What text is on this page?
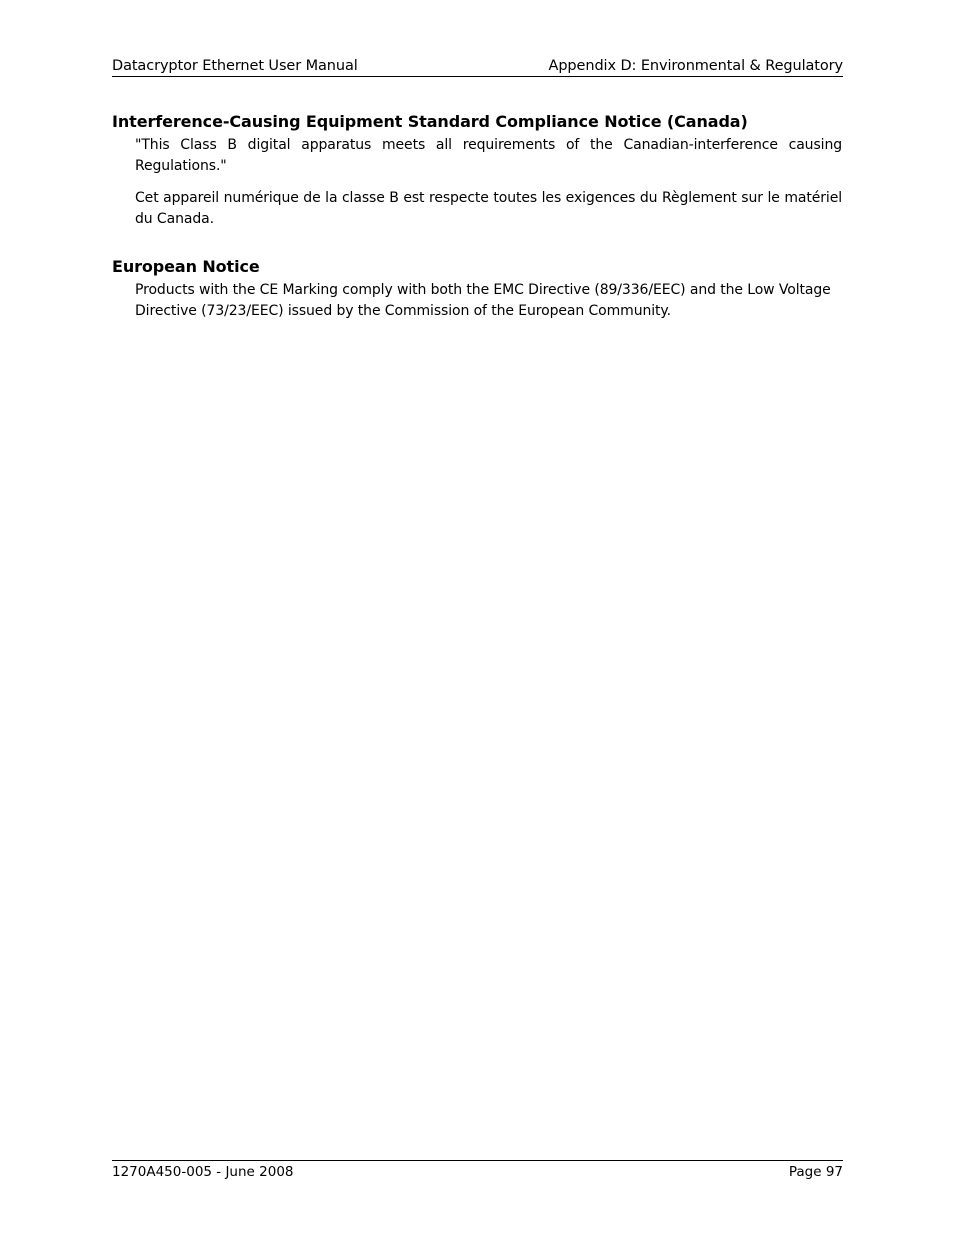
Datacryptor Ethernet User Manual	Appendix D: Environmental & Regulatory
Interference-Causing Equipment Standard Compliance Notice (Canada)
"This Class B digital apparatus meets all requirements of the Canadian-interference causing Regulations."
Cet appareil numérique de la classe B est respecte toutes les exigences du Règlement sur le matériel du Canada.
European Notice
Products with the CE Marking comply with both the EMC Directive (89/336/EEC) and the Low Voltage Directive (73/23/EEC) issued by the Commission of the European Community.
1270A450-005 - June 2008	Page 97
